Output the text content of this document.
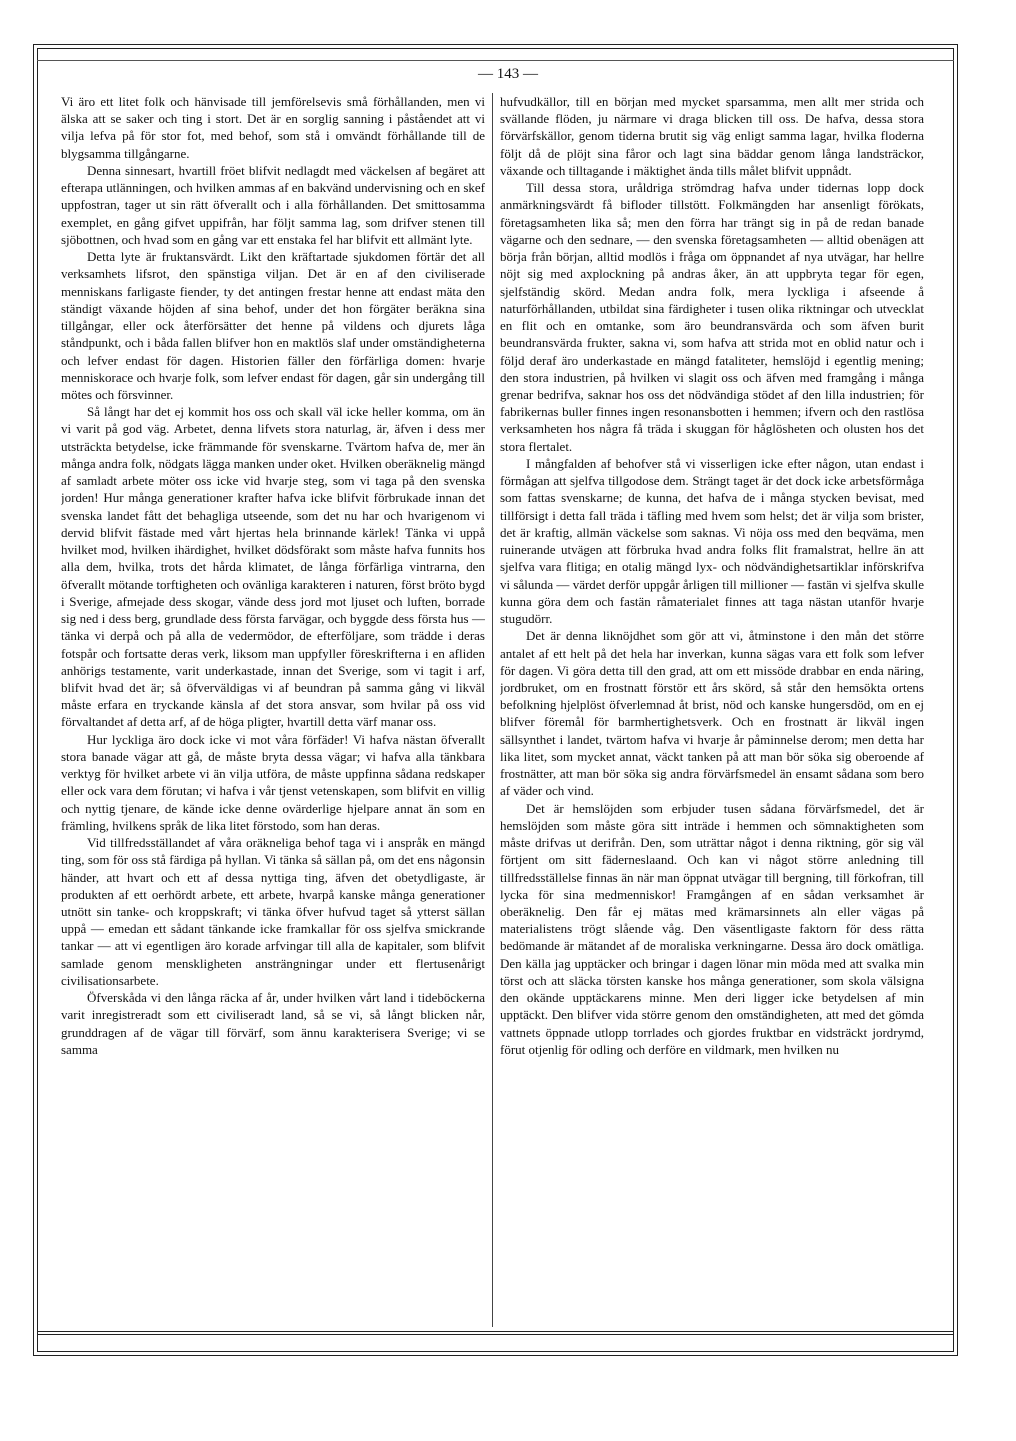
— 143 —

Vi äro ett litet folk och hänvisade till jemförelsevis små förhållanden, men vi älska att se saker och ting i stort. Det är en sorglig sanning i påståendet att vi vilja lefva på för stor fot, med behof, som stå i omvändt förhållande till de blygsamma tillgångarne.

Denna sinnesart, hvartill fröet blifvit nedlagdt med väckelsen af begäret att efterapa utlänningen, och hvilken ammas af en bakvänd undervisning och en skef uppfostran, tager ut sin rätt öfverallt och i alla förhållanden. Det smittosamma exemplet, en gång gifvet uppifrån, har följt samma lag, som drifver stenen till sjöbottnen, och hvad som en gång var ett enstaka fel har blifvit ett allmänt lyte.

Detta lyte är fruktansvärdt. Likt den kräftartade sjukdomen förtär det all verksamhets lifsrot, den spänstiga viljan. Det är en af den civiliserade menniskans farligaste fiender, ty det antingen frestar henne att endast mäta den ständigt växande höjden af sina behof, under det hon förgäter beräkna sina tillgångar, eller ock återförsätter det henne på vildens och djurets låga ståndpunkt, och i båda fallen blifver hon en maktlös slaf under omständigheterna och lefver endast för dagen. Historien fäller den förfärliga domen: hvarje menniskorace och hvarje folk, som lefver endast för dagen, går sin undergång till mötes och försvinner.

Så långt har det ej kommit hos oss och skall väl icke heller komma, om än vi varit på god väg. Arbetet, denna lifvets stora naturlag, är, äfven i dess mer utsträckta betydelse, icke främmande för svenskarne. Tvärtom hafva de, mer än många andra folk, nödgats lägga manken under oket. Hvilken oberäknelig mängd af samladt arbete möter oss icke vid hvarje steg, som vi taga på den svenska jorden! Hur många generationer krafter hafva icke blifvit förbrukade innan det svenska landet fått det behagliga utseende, som det nu har och hvarigenom vi dervid blifvit fästade med vårt hjertas hela brinnande kärlek! Tänka vi uppå hvilket mod, hvilken ihärdighet, hvilket dödsförakt som måste hafva funnits hos alla dem, hvilka, trots det hårda klimatet, de långa förfärliga vintrarna, den öfverallt mötande torftigheten och ovänliga karakteren i naturen, först bröto bygd i Sverige, afmejade dess skogar, vände dess jord mot ljuset och luften, borrade sig ned i dess berg, grundlade dess första farvägar, och byggde dess första hus — tänka vi derpå och på alla de vedermödor, de efterföljare, som trädde i deras fotspår och fortsatte deras verk, liksom man uppfyller föreskrifterna i en afliden anhörigs testamente, varit underkastade, innan det Sverige, som vi tagit i arf, blifvit hvad det är; så öfverväldigas vi af beundran på samma gång vi likväl måste erfara en tryckande känsla af det stora ansvar, som hvilar på oss vid förvaltandet af detta arf, af de höga pligter, hvartill detta värf manar oss.

Hur lyckliga äro dock icke vi mot våra förfäder! Vi hafva nästan öfverallt stora banade vägar att gå, de måste bryta dessa vägar; vi hafva alla tänkbara verktyg för hvilket arbete vi än vilja utföra, de måste uppfinna sådana redskaper eller ock vara dem förutan; vi hafva i vår tjenst vetenskapen, som blifvit en villig och nyttig tjenare, de kände icke denne ovärderlige hjelpare annat än som en främling, hvilkens språk de lika litet förstodo, som han deras.

Vid tillfredsställandet af våra oräkneliga behof taga vi i anspråk en mängd ting, som för oss stå färdiga på hyllan. Vi tänka så sällan på, om det ens någonsin händer, att hvart och ett af dessa nyttiga ting, äfven det obetydligaste, är produkten af ett oerhördt arbete, ett arbete, hvarpå kanske många generationer utnött sin tanke- och kroppskraft; vi tänka öfver hufvud taget så ytterst sällan uppå — emedan ett sådant tänkande icke framkallar för oss sjelfva smickrande tankar — att vi egentligen äro korade arfvingar till alla de kapitaler, som blifvit samlade genom menskligheten ansträngningar under ett flertusenårigt civilisationsarbete.

Öfverskåda vi den långa räcka af år, under hvilken vårt land i tideböckerna varit inregistreradt som ett civiliseradt land, så se vi, så långt blicken når, grunddragen af de vägar till förvärf, som ännu karakterisera Sverige; vi se samma

hufvudkällor, till en början med mycket sparsamma, men allt mer strida och svällande flöden, ju närmare vi draga blicken till oss. De hafva, dessa stora förvärfskällor, genom tiderna brutit sig väg enligt samma lagar, hvilka floderna följt då de plöjt sina fåror och lagt sina bäddar genom långa landsträckor, växande och tilltagande i mäktighet ända tills målet blifvit uppnådt.

Till dessa stora, uråldriga strömdrag hafva under tidernas lopp dock anmärkningsvärdt få bifloder tillstött. Folkmängden har ansenligt förökats, företagsamheten lika så; men den förra har trängt sig in på de redan banade vägarne och den sednare, — den svenska företagsamheten — alltid obenägen att börja från början, alltid modlös i fråga om öppnandet af nya utvägar, har hellre nöjt sig med axplockning på andras åker, än att uppbryta tegar för egen, sjelfständig skörd. Medan andra folk, mera lyckliga i afseende å naturförhållanden, utbildat sina färdigheter i tusen olika riktningar och utvecklat en flit och en omtanke, som äro beundransvärda och som äfven burit beundransvärda frukter, sakna vi, som hafva att strida mot en oblid natur och i följd deraf äro underkastade en mängd fataliteter, hemslöjd i egentlig mening; den stora industrien, på hvilken vi slagit oss och äfven med framgång i många grenar bedrifva, saknar hos oss det nödvändiga stödet af den lilla industrien; för fabrikernas buller finnes ingen resonansbotten i hemmen; ifvern och den rastlösa verksamheten hos några få träda i skuggan för håglösheten och olusten hos det stora flertalet.

I mångfalden af behofver stå vi visserligen icke efter någon, utan endast i förmågan att sjelfva tillgodose dem. Strängt taget är det dock icke arbetsförmåga som fattas svenskarne; de kunna, det hafva de i många stycken bevisat, med tillförsigt i detta fall träda i täfling med hvem som helst; det är vilja som brister, det är kraftig, allmän väckelse som saknas. Vi nöja oss med den beqväma, men ruinerande utvägen att förbruka hvad andra folks flit framalstrat, hellre än att sjelfva vara flitiga; en otalig mängd lyx- och nödvändighetsartiklar införskrifva vi sålunda — värdet derför uppgår årligen till millioner — fastän vi sjelfva skulle kunna göra dem och fastän råmaterialet finnes att taga nästan utanför hvarje stugudörr.

Det är denna liknöjdhet som gör att vi, åtminstone i den mån det större antalet af ett helt på det hela har inverkan, kunna sägas vara ett folk som lefver för dagen. Vi göra detta till den grad, att om ett missöde drabbar en enda näring, jordbruket, om en frostnatt förstör ett års skörd, så står den hemsökta ortens befolkning hjelplöst öfverlemnad åt brist, nöd och kanske hungersdöd, om en ej blifver föremål för barmhertighetsverk. Och en frostnatt är likväl ingen sällsynthet i landet, tvärtom hafva vi hvarje år påminnelse derom; men detta har lika litet, som mycket annat, väckt tanken på att man bör söka sig oberoende af frostnätter, att man bör söka sig andra förvärfsmedel än ensamt sådana som bero af väder och vind.

Det är hemslöjden som erbjuder tusen sådana förvärfsmedel, det är hemslöjden som måste göra sitt inträde i hemmen och sömnaktigheten som måste drifvas ut derifrån. Den, som uträttar något i denna riktning, gör sig väl förtjent om sitt fäderneslaand. Och kan vi något större anledning till tillfredsställelse finnas än när man öppnat utvägar till bergning, till förkofran, till lycka för sina medmenniskor! Framgången af en sådan verksamhet är oberäknelig. Den får ej mätas med krämarsinnets aln eller vägas på materialistens trögt slående våg. Den väsentligaste faktorn för dess rätta bedömande är mätandet af de moraliska verkningarne. Dessa äro dock omätliga. Den källa jag upptäcker och bringar i dagen lönar min möda med att svalka min törst och att släcka törsten kanske hos många generationer, som skola välsigna den okände upptäckarens minne. Men deri ligger icke betydelsen af min upptäckt. Den blifver vida större genom den omständigheten, att med det gömda vattnets öppnade utlopp torrlades och gjordes fruktbar en vidsträckt jordrymd, förut otjenlig för odling och derföre en vildmark, men hvilken nu
